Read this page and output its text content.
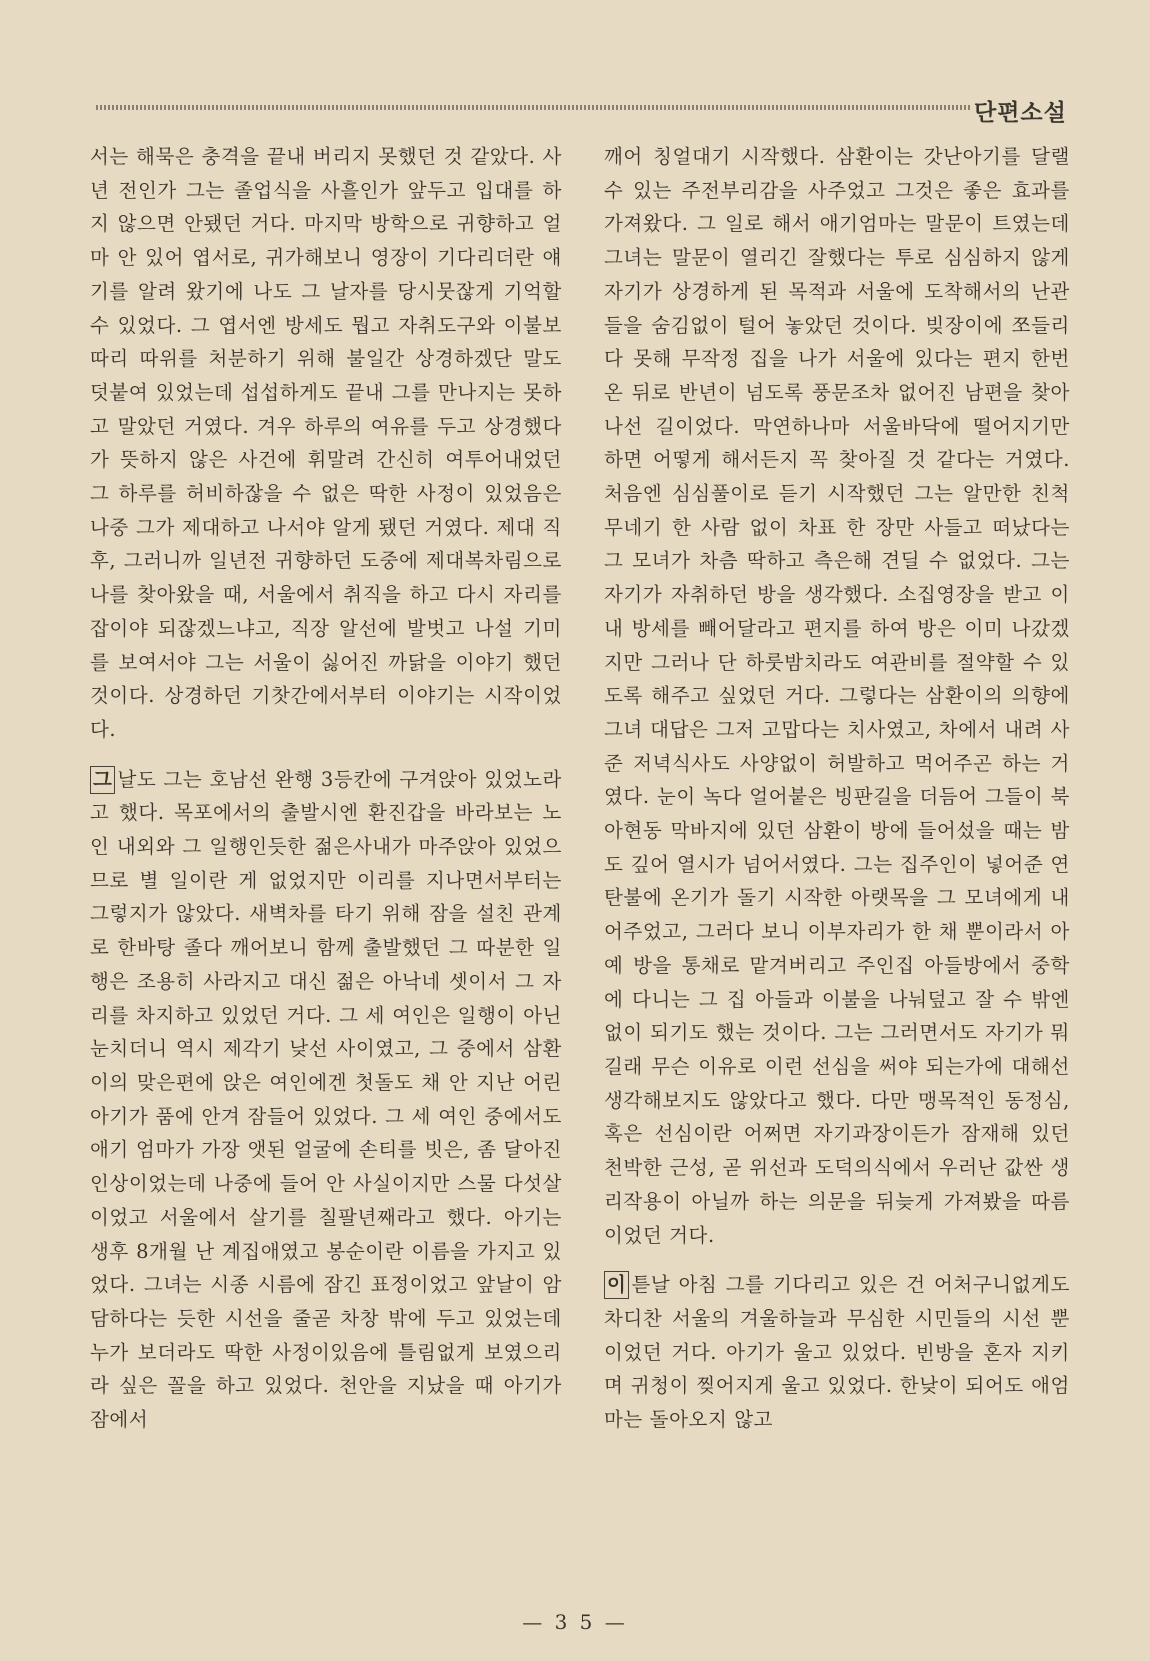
단편소설

서는 해묵은 충격을 끝내 버리지 못했던 것 같았다. 사년 전인가 그는 졸업식을 사흘인가 앞두고 입대를 하지 않으면 안됐던 거다. 마지막 방학으로 귀향하고 얼마 안 있어 엽서로, 귀가해보니 영장이 기다리더란 얘기를 알려 왔기에 나도 그 날자를 당시뭇잖게 기억할 수 있었다. 그 엽서엔 방세도 뭡고 자취도구와 이불보따리 따위를 처분하기 위해 불일간 상경하겠단 말도 덧붙여 있었는데 섭섭하게도 끝내 그를 만나지는 못하고 말았던 거였다. 겨우 하루의 여유를 두고 상경했다가 뜻하지 않은 사건에 휘말려 간신히 여투어내었던 그 하루를 허비하잖을 수 없은 딱한 사정이 있었음은 나중 그가 제대하고 나서야 알게 됐던 거였다. 제대 직후, 그러니까 일년전 귀향하던 도중에 제대복차림으로 나를 찾아왔을 때, 서울에서 취직을 하고 다시 자리를 잡이야 되잖겠느냐고, 직장 알선에 발벗고 나설 기미를 보여서야 그는 서울이 싫어진 까닭을 이야기 했던 것이다. 상경하던 기찻간에서부터 이야기는 시작이었다.

그 날도 그는 호남선 완행 3등칸에 구겨앉아 있었노라고 했다. 목포에서의 출발시엔 환진갑을 바라보는 노인 내외와 그 일행인듯한 젊은사내가 마주앉아 있었으므로 별 일이란 게 없었지만 이리를 지나면서부터는 그렇지가 않았다. 새벽차를 타기 위해 잠을 설친 관계로 한바탕 졸다 깨어보니 함께 출발했던 그 따분한 일행은 조용히 사라지고 대신 젊은 아낙네 셋이서 그 자리를 차지하고 있었던 거다. 그 세 여인은 일행이 아닌 눈치더니 역시 제각기 낮선 사이였고, 그 중에서 삼환이의 맞은편에 앉은 여인에겐 첫돌도 채 안 지난 어린 아기가 품에 안겨 잠들어 있었다. 그 세 여인 중에서도 애기 엄마가 가장 앳된 얼굴에 손티를 빗은, 좀 달아진 인상이었는데 나중에 들어 안 사실이지만 스물 다섯살이었고 서울에서 살기를 칠팔년째라고 했다. 아기는 생후 8개월 난 계집애였고 봉순이란 이름을 가지고 있었다. 그녀는 시종 시름에 잠긴 표정이었고 앞날이 암담하다는 듯한 시선을 줄곧 차창 밖에 두고 있었는데 누가 보더라도 딱한 사정이있음에 틀림없게 보였으리라 싶은 꼴을 하고 있었다. 천안을 지났을 때 아기가 잠에서

깨어 칭얼대기 시작했다. 삼환이는 갓난아기를 달랠 수 있는 주전부리감을 사주었고 그것은 좋은 효과를 가져왔다. 그 일로 해서 애기엄마는 말문이 트였는데 그녀는 말문이 열리긴 잘했다는 투로 심심하지 않게 자기가 상경하게 된 목적과 서울에 도착해서의 난관들을 숨김없이 털어 놓았던 것이다. 빚장이에 쪼들리다 못해 무작정 집을 나가 서울에 있다는 편지 한번 온 뒤로 반년이 넘도록 풍문조차 없어진 남편을 찾아나선 길이었다. 막연하나마 서울바닥에 떨어지기만 하면 어떻게 해서든지 꼭 찾아질 것 같다는 거였다. 처음엔 심심풀이로 듣기 시작했던 그는 알만한 친척 무네기 한 사람 없이 차표 한 장만 사들고 떠났다는 그 모녀가 차츰 딱하고 측은해 견딜 수 없었다. 그는 자기가 자취하던 방을 생각했다. 소집영장을 받고 이내 방세를 빼어달라고 편지를 하여 방은 이미 나갔겠지만 그러나 단 하룻밤치라도 여관비를 절약할 수 있도록 해주고 싶었던 거다. 그렇다는 삼환이의 의향에 그녀 대답은 그저 고맙다는 치사였고, 차에서 내려 사준 저녁식사도 사양없이 허발하고 먹어주곤 하는 거였다. 눈이 녹다 얼어붙은 빙판길을 더듬어 그들이 북아현동 막바지에 있던 삼환이 방에 들어섰을 때는 밤도 깊어 열시가 넘어서였다. 그는 집주인이 넣어준 연탄불에 온기가 돌기 시작한 아랫목을 그 모녀에게 내어주었고, 그러다 보니 이부자리가 한 채 뿐이라서 아예 방을 통채로 맡겨버리고 주인집 아들방에서 중학에 다니는 그 집 아들과 이불을 나눠덮고 잘 수 밖엔 없이 되기도 했는 것이다. 그는 그러면서도 자기가 뭐길래 무슨 이유로 이런 선심을 써야 되는가에 대해선 생각해보지도 않았다고 했다. 다만 맹목적인 동정심, 혹은 선심이란 어쩌면 자기과장이든가 잠재해 있던 천박한 근성, 곧 위선과 도덕의식에서 우러난 값싼 생리작용이 아닐까 하는 의문을 뒤늦게 가져봤을 따름이었던 거다.

이 튿날 아침 그를 기다리고 있은 건 어처구니없게도 차디찬 서울의 겨울하늘과 무심한 시민들의 시선 뿐이었던 거다. 아기가 울고 있었다. 빈방을 혼자 지키며 귀청이 찢어지게 울고 있었다. 한낮이 되어도 애엄마는 돌아오지 않고

— 3 5 —
